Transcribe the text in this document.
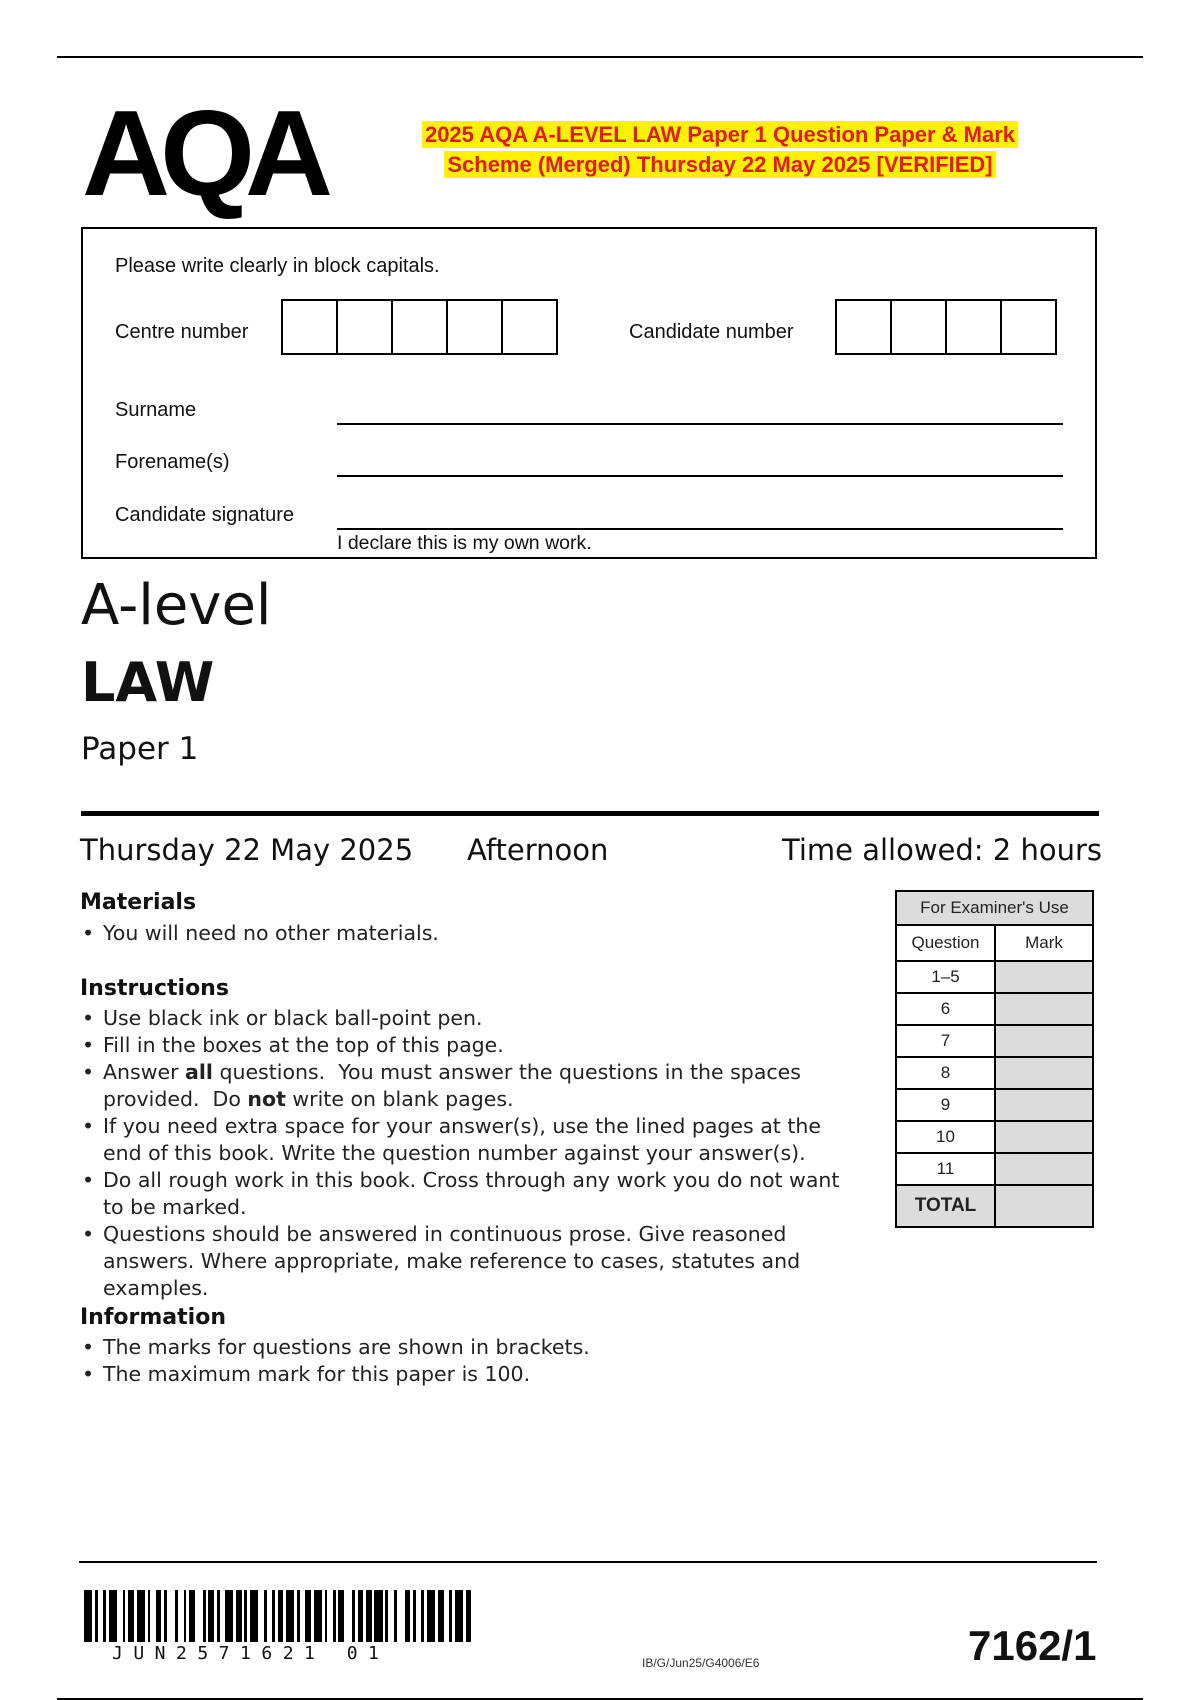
AQA	2025 AQA A-LEVEL LAW Paper 1 Question Paper & Mark
Scheme (Merged) Thursday 22 May 2025 [VERIFIED]
Please write clearly in block capitals.
Centre number	Candidate number
Surname
Forename(s)
Candidate signature
I declare this is my own work.
A-level
LAW
Paper 1
Thursday 22 May 2025 Afternoon	Time allowed: 2 hours
Materials
• You will need no other materials.
Instructions
• Use black ink or black ball-point pen.
• Fill in the boxes at the top of this page.
• Answer all questions.  You must answer the questions in the spaces provided.  Do not write on blank pages.
• If you need extra space for your answer(s), use the lined pages at the end of this book. Write the question number against your answer(s).
• Do all rough work in this book. Cross through any work you do not want to be marked.
• Questions should be answered in continuous prose. Give reasoned answers. Where appropriate, make reference to cases, statutes and examples.
Information
• The marks for questions are shown in brackets.
• The maximum mark for this paper is 100.
For Examiner's Use	
Question	Mark
1–5	
6	
7	
8	
9	
10	
11	
TOTAL	
JUN2571621 01	IB/G/Jun25/G4006/E6	7162/1
